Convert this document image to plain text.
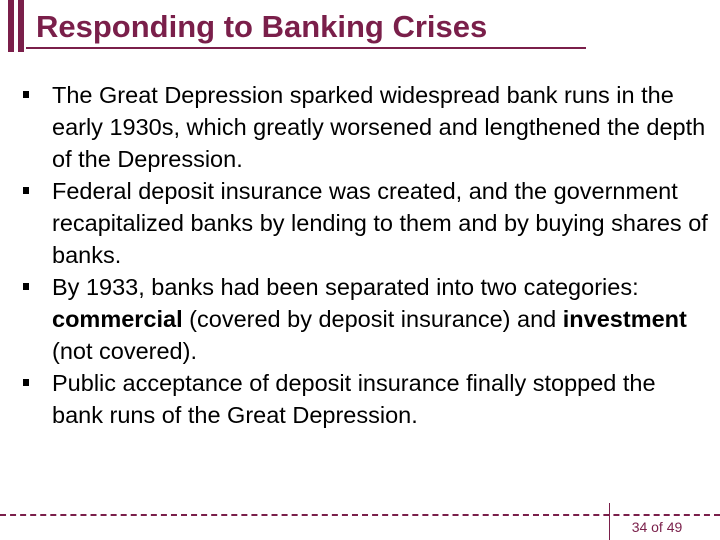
Responding to Banking Crises
The Great Depression sparked widespread bank runs in the early 1930s, which greatly worsened and lengthened the depth of the Depression.
Federal deposit insurance was created, and the government recapitalized banks by lending to them and by buying shares of banks.
By 1933, banks had been separated into two categories: commercial (covered by deposit insurance) and investment (not covered).
Public acceptance of deposit insurance finally stopped the bank runs of the Great Depression.
34 of 49
